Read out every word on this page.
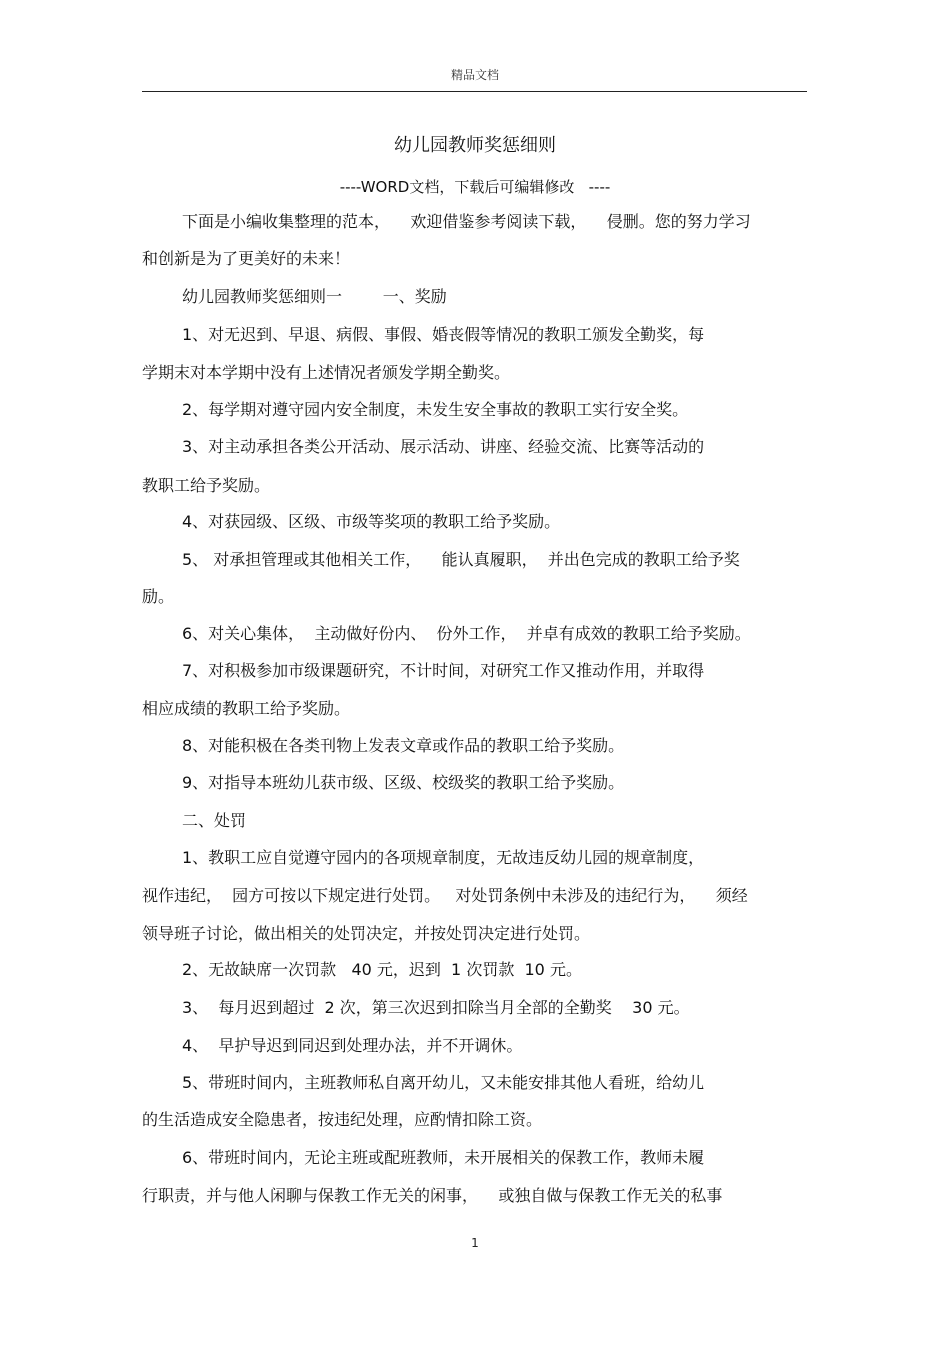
精品文档
幼儿园教师奖惩细则
----WORD文档，下载后可编辑修改   ----
下面是小编收集整理的范本，    欢迎借鉴参考阅读下载，    侵删。您的努力学习
和创新是为了更美好的未来！
幼儿园教师奖惩细则一        一、奖励
1、对无迟到、早退、病假、事假、婚丧假等情况的教职工颁发全勤奖，每
学期末对本学期中没有上述情况者颁发学期全勤奖。
2、每学期对遵守园内安全制度，未发生安全事故的教职工实行安全奖。
3、对主动承担各类公开活动、展示活动、讲座、经验交流、比赛等活动的
教职工给予奖励。
4、对获园级、区级、市级等奖项的教职工给予奖励。
5、 对承担管理或其他相关工作，    能认真履职，  并出色完成的教职工给予奖
励。
6、对关心集体，  主动做好份内、  份外工作，  并卓有成效的教职工给予奖励。
7、对积极参加市级课题研究，不计时间，对研究工作又推动作用，并取得
相应成绩的教职工给予奖励。
8、对能积极在各类刊物上发表文章或作品的教职工给予奖励。
9、对指导本班幼儿获市级、区级、校级奖的教职工给予奖励。
二、处罚
1、教职工应自觉遵守园内的各项规章制度，无故违反幼儿园的规章制度，
视作违纪，  园方可按以下规定进行处罚。   对处罚条例中未涉及的违纪行为，    须经
领导班子讨论，做出相关的处罚决定，并按处罚决定进行处罚。
2、无故缺席一次罚款   40 元，迟到  1 次罚款  10 元。
3、  每月迟到超过  2 次，第三次迟到扣除当月全部的全勤奖    30 元。
4、  早护导迟到同迟到处理办法，并不开调休。
5、带班时间内，主班教师私自离开幼儿，又未能安排其他人看班，给幼儿
的生活造成安全隐患者，按违纪处理，应酌情扣除工资。
6、带班时间内，无论主班或配班教师，未开展相关的保教工作，教师未履
行职责，并与他人闲聊与保教工作无关的闲事，    或独自做与保教工作无关的私事
1
